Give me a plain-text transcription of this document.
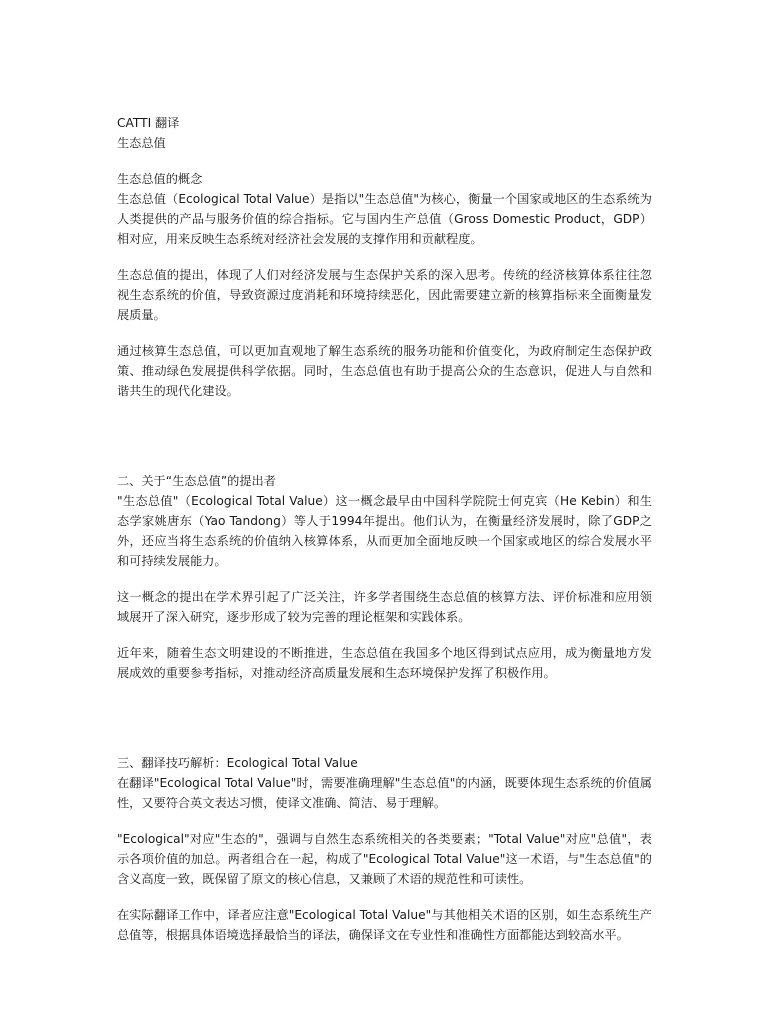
CATTI 翻译

生态总值

生态总值的概念

生态总值（Ecological Total Value）是指以"生态总值"为核心，衡量一个国家或地区的生态系统为人类提供的产品与服务价值的综合指标。它与国内生产总值（Gross Domestic Product，GDP）相对应，用来反映生态系统对经济社会发展的支撑作用和贡献程度。

生态总值的提出，体现了人们对经济发展与生态保护关系的深入思考。传统的经济核算体系往往忽视生态系统的价值，导致资源过度消耗和环境持续恶化，因此需要建立新的核算指标来全面衡量发展质量。

通过核算生态总值，可以更加直观地了解生态系统的服务功能和价值变化，为政府制定生态保护政策、推动绿色发展提供科学依据。同时，生态总值也有助于提高公众的生态意识，促进人与自然和谐共生的现代化建设。

二、关于“生态总值”的提出者

"生态总值"（Ecological Total Value）这一概念最早由中国科学院院士何克宾（He Kebin）和生态学家姚唐东（Yao Tandong）等人于1994年提出。他们认为，在衡量经济发展时，除了GDP之外，还应当将生态系统的价值纳入核算体系，从而更加全面地反映一个国家或地区的综合发展水平和可持续发展能力。

这一概念的提出在学术界引起了广泛关注，许多学者围绕生态总值的核算方法、评价标准和应用领域展开了深入研究，逐步形成了较为完善的理论框架和实践体系。

近年来，随着生态文明建设的不断推进，生态总值在我国多个地区得到试点应用，成为衡量地方发展成效的重要参考指标，对推动经济高质量发展和生态环境保护发挥了积极作用。

三、翻译技巧解析：Ecological Total Value

在翻译"Ecological Total Value"时，需要准确理解"生态总值"的内涵，既要体现生态系统的价值属性，又要符合英文表达习惯，使译文准确、简洁、易于理解。

"Ecological"对应"生态的"，强调与自然生态系统相关的各类要素；"Total Value"对应"总值"，表示各项价值的加总。两者组合在一起，构成了"Ecological Total Value"这一术语，与"生态总值"的含义高度一致，既保留了原文的核心信息，又兼顾了术语的规范性和可读性。

在实际翻译工作中，译者应注意"Ecological Total Value"与其他相关术语的区别，如生态系统生产总值等，根据具体语境选择最恰当的译法，确保译文在专业性和准确性方面都能达到较高水平。
